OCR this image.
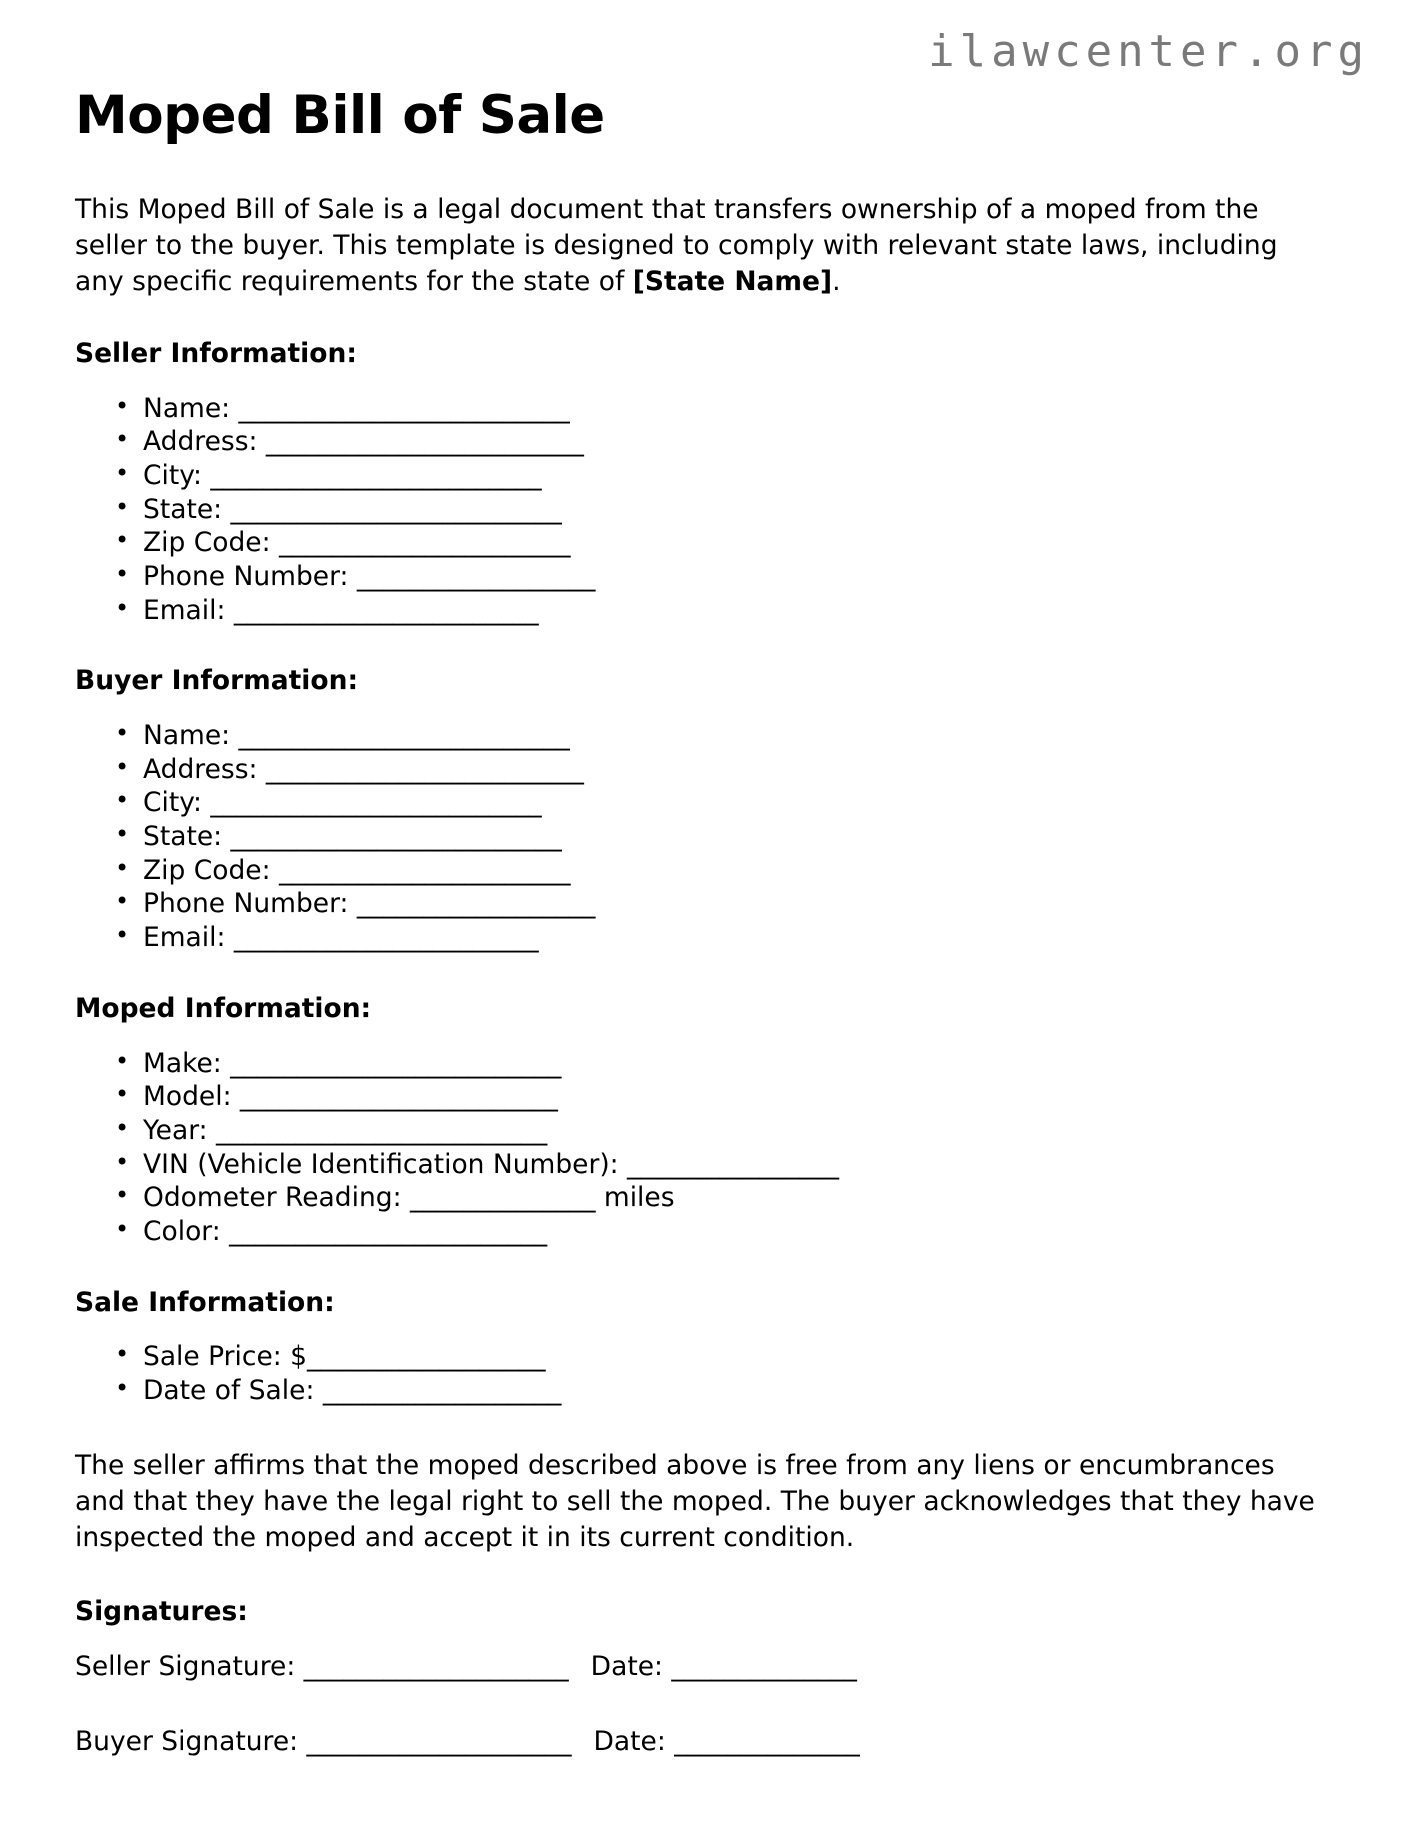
ilawcenter.org
Moped Bill of Sale

This Moped Bill of Sale is a legal document that transfers ownership of a moped from the seller to the buyer. This template is designed to comply with relevant state laws, including any specific requirements for the state of [State Name].

Seller Information:
• Name: _________________________
• Address: ________________________
• City: _________________________
• State: _________________________
• Zip Code: ______________________
• Phone Number: __________________
• Email: _______________________
Buyer Information:
• Name: _________________________
• Address: ________________________
• City: _________________________
• State: _________________________
• Zip Code: ______________________
• Phone Number: __________________
• Email: _______________________
Moped Information:
• Make: _________________________
• Model: ________________________
• Year: _________________________
• VIN (Vehicle Identification Number): ________________
• Odometer Reading: ______________ miles
• Color: ________________________
Sale Information:
• Sale Price: $__________________
• Date of Sale: __________________

The seller affirms that the moped described above is free from any liens or encumbrances and that they have the legal right to sell the moped. The buyer acknowledges that they have inspected the moped and accept it in its current condition.

Signatures:
Seller Signature: ____________________ Date: ______________
Buyer Signature: ____________________ Date: ______________
